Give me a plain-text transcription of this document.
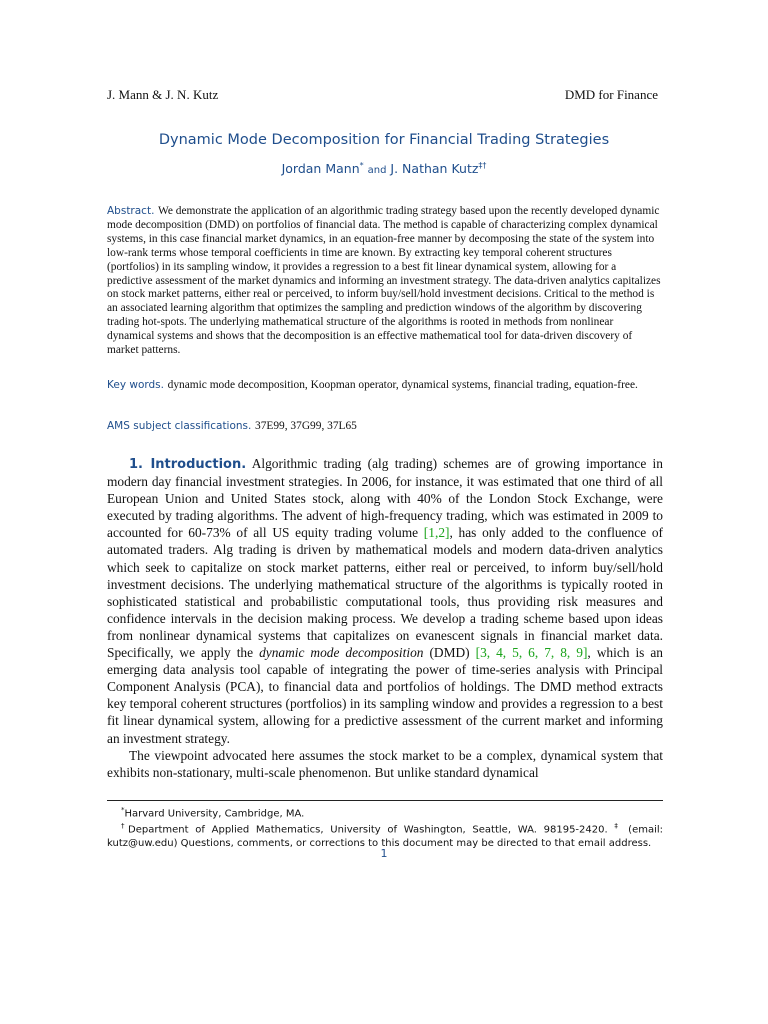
J. Mann & J. N. Kutz	DMD for Finance
Dynamic Mode Decomposition for Financial Trading Strategies
Jordan Mann* and J. Nathan Kutz‡†
Abstract. We demonstrate the application of an algorithmic trading strategy based upon the recently developed dynamic mode decomposition (DMD) on portfolios of financial data. The method is capable of characterizing complex dynamical systems, in this case financial market dynamics, in an equation-free manner by decomposing the state of the system into low-rank terms whose temporal coefficients in time are known. By extracting key temporal coherent structures (portfolios) in its sampling window, it provides a regression to a best fit linear dynamical system, allowing for a predictive assessment of the market dynamics and informing an investment strategy. The data-driven analytics capitalizes on stock market patterns, either real or perceived, to inform buy/sell/hold investment decisions. Critical to the method is an associated learning algorithm that optimizes the sampling and prediction windows of the algorithm by discovering trading hot-spots. The underlying mathematical structure of the algorithms is rooted in methods from nonlinear dynamical systems and shows that the decomposition is an effective mathematical tool for data-driven discovery of market patterns.
Key words. dynamic mode decomposition, Koopman operator, dynamical systems, financial trading, equation-free.
AMS subject classifications. 37E99, 37G99, 37L65

1. Introduction. Algorithmic trading (alg trading) schemes are of growing importance in modern day financial investment strategies. In 2006, for instance, it was estimated that one third of all European Union and United States stock, along with 40% of the London Stock Exchange, were executed by trading algorithms. The advent of high-frequency trading, which was estimated in 2009 to accounted for 60-73% of all US equity trading volume [1,2], has only added to the confluence of automated traders. Alg trading is driven by mathematical models and modern data-driven analytics which seek to capitalize on stock market patterns, either real or perceived, to inform buy/sell/hold investment decisions. The underlying mathematical structure of the algorithms is typically rooted in sophisticated statistical and probabilistic computational tools, thus providing risk measures and confidence intervals in the decision making process. We develop a trading scheme based upon ideas from nonlinear dynamical systems that capitalizes on evanescent signals in financial market data. Specifically, we apply the dynamic mode decomposition (DMD) [3, 4, 5, 6, 7, 8, 9], which is an emerging data analysis tool capable of integrating the power of time-series analysis with Principal Component Analysis (PCA), to financial data and portfolios of holdings. The DMD method extracts key temporal coherent structures (portfolios) in its sampling window and provides a regression to a best fit linear dynamical system, allowing for a predictive assessment of the current market and informing an investment strategy.

The viewpoint advocated here assumes the stock market to be a complex, dynamical system that exhibits non-stationary, multi-scale phenomenon. But unlike standard dynamical

*Harvard University, Cambridge, MA.

†Department of Applied Mathematics, University of Washington, Seattle, WA. 98195-2420. ‡ (email: kutz@uw.edu) Questions, comments, or corrections to this document may be directed to that email address.

1
